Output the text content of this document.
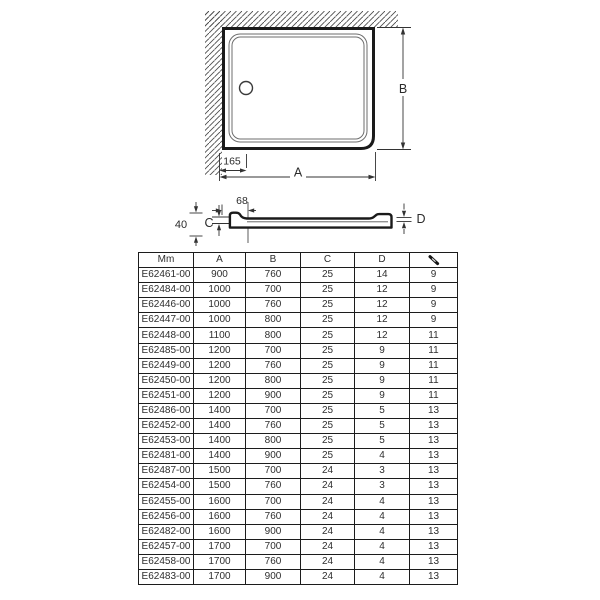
B
A
165
40 C
68
D
Mm	A	B	C	D	

E62461-00	900	760	25	14	9
E62484-00	1000	700	25	12	9
E62446-00	1000	760	25	12	9
E62447-00	1000	800	25	12	9
E62448-00	1100	800	25	12	11
E62485-00	1200	700	25	9	11
E62449-00	1200	760	25	9	11
E62450-00	1200	800	25	9	11
E62451-00	1200	900	25	9	11
E62486-00	1400	700	25	5	13
E62452-00	1400	760	25	5	13
E62453-00	1400	800	25	5	13
E62481-00	1400	900	25	4	13
E62487-00	1500	700	24	3	13
E62454-00	1500	760	24	3	13
E62455-00	1600	700	24	4	13
E62456-00	1600	760	24	4	13
E62482-00	1600	900	24	4	13
E62457-00	1700	700	24	4	13
E62458-00	1700	760	24	4	13
E62483-00	1700	900	24	4	13
